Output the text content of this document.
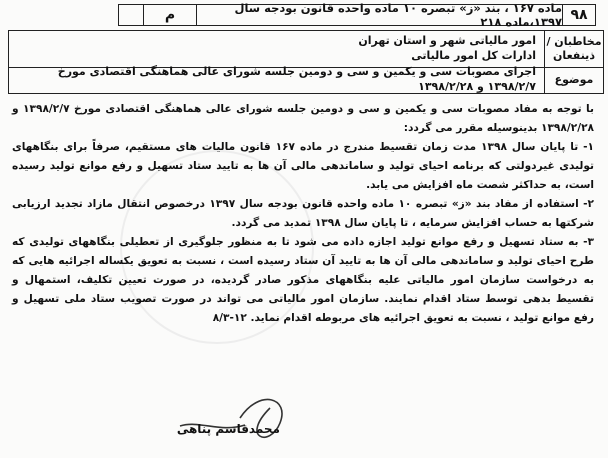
۹۸
ماده ۱۶۷ ، بند «ز» تبصره ۱۰ ماده واحده قانون بودجه سال ۱۳۹۷،ماده ۲۱۸
م
مخاطبان /
ذینفعان
امور مالیاتی شهر و استان تهران
ادارات کل امور مالیاتی
موضوع
اجرای مصوبات سی و یکمین و سی و دومین جلسه شورای عالی هماهنگی اقتصادی مورخ ۱۳۹۸/۲/۷ و ۱۳۹۸/۲/۲۸

با توجه به مفاد مصوبات سی و یکمین و سی و دومین جلسه شورای عالی هماهنگی اقتصادی مورخ ۱۳۹۸/۲/۷ و ۱۳۹۸/۲/۲۸ بدینوسیله مقرر می گردد:

۱- تا پایان سال ۱۳۹۸ مدت زمان تقسیط مندرج در ماده ۱۶۷ قانون مالیات های مستقیم، صرفاً برای بنگاههای تولیدی غیردولتی که برنامه احیای تولید و ساماندهی مالی آن ها به تایید ستاد تسهیل و رفع موانع تولید رسیده است، به حداکثر شصت ماه افزایش می یابد.

۲- استفاده از مفاد بند «ز» تبصره ۱۰ ماده واحده قانون بودجه سال ۱۳۹۷ درخصوص انتقال مازاد تجدید ارزیابی شرکتها به حساب افزایش سرمایه ، تا پایان سال ۱۳۹۸ تمدید می گردد.

۳- به ستاد تسهیل و رفع موانع تولید اجازه داده می شود تا به منظور جلوگیری از تعطیلی بنگاههای تولیدی که طرح احیای تولید و ساماندهی مالی آن ها به تایید آن ستاد رسیده است ، نسبت به تعویق یکساله اجرائیه هایی که به درخواست سازمان امور مالیاتی علیه بنگاههای مذکور صادر گردیده، در صورت تعیین تکلیف، استمهال و تقسیط بدهی توسط ستاد اقدام نمایند. سازمان امور مالیاتی می تواند در صورت تصویب ستاد ملی تسهیل و رفع موانع تولید ، نسبت به تعویق اجرائیه های مربوطه اقدام نماید. ۱۲-۸/۳

محمدقاسم پناهی
